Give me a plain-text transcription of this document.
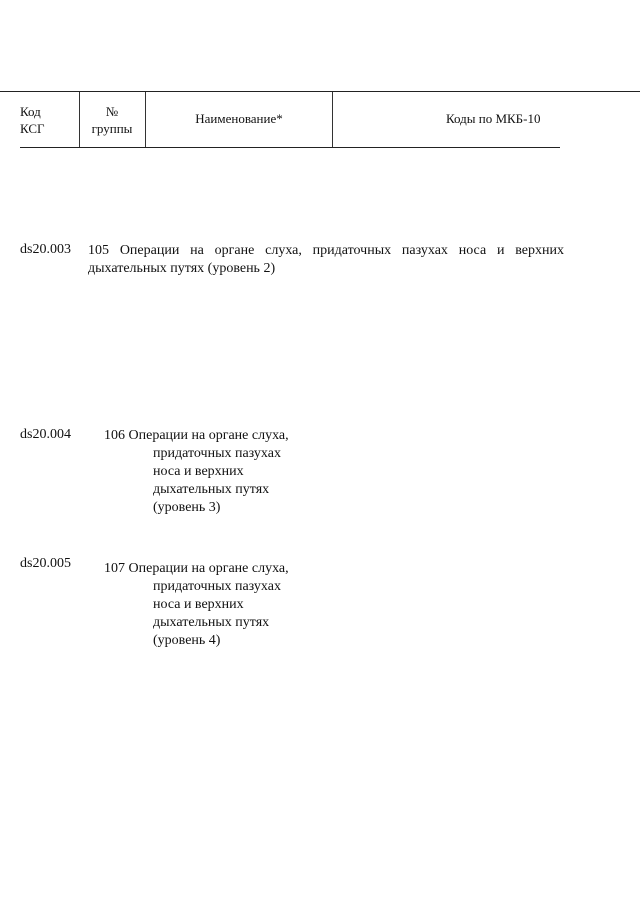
Код
КСГ
№
группы
Наименование*	Коды по МКБ-10
ds20.003 105 Операции на органе слуха, придаточных пазухах носа и верхних дыхательных путях (уровень 2)
ds20.004 106 Операции на органе слуха,
придаточных пазухах
носа и верхних
дыхательных путях
(уровень 3)
ds20.005 107 Операции на органе слуха,
придаточных пазухах
носа и верхних
дыхательных путях
(уровень 4)
